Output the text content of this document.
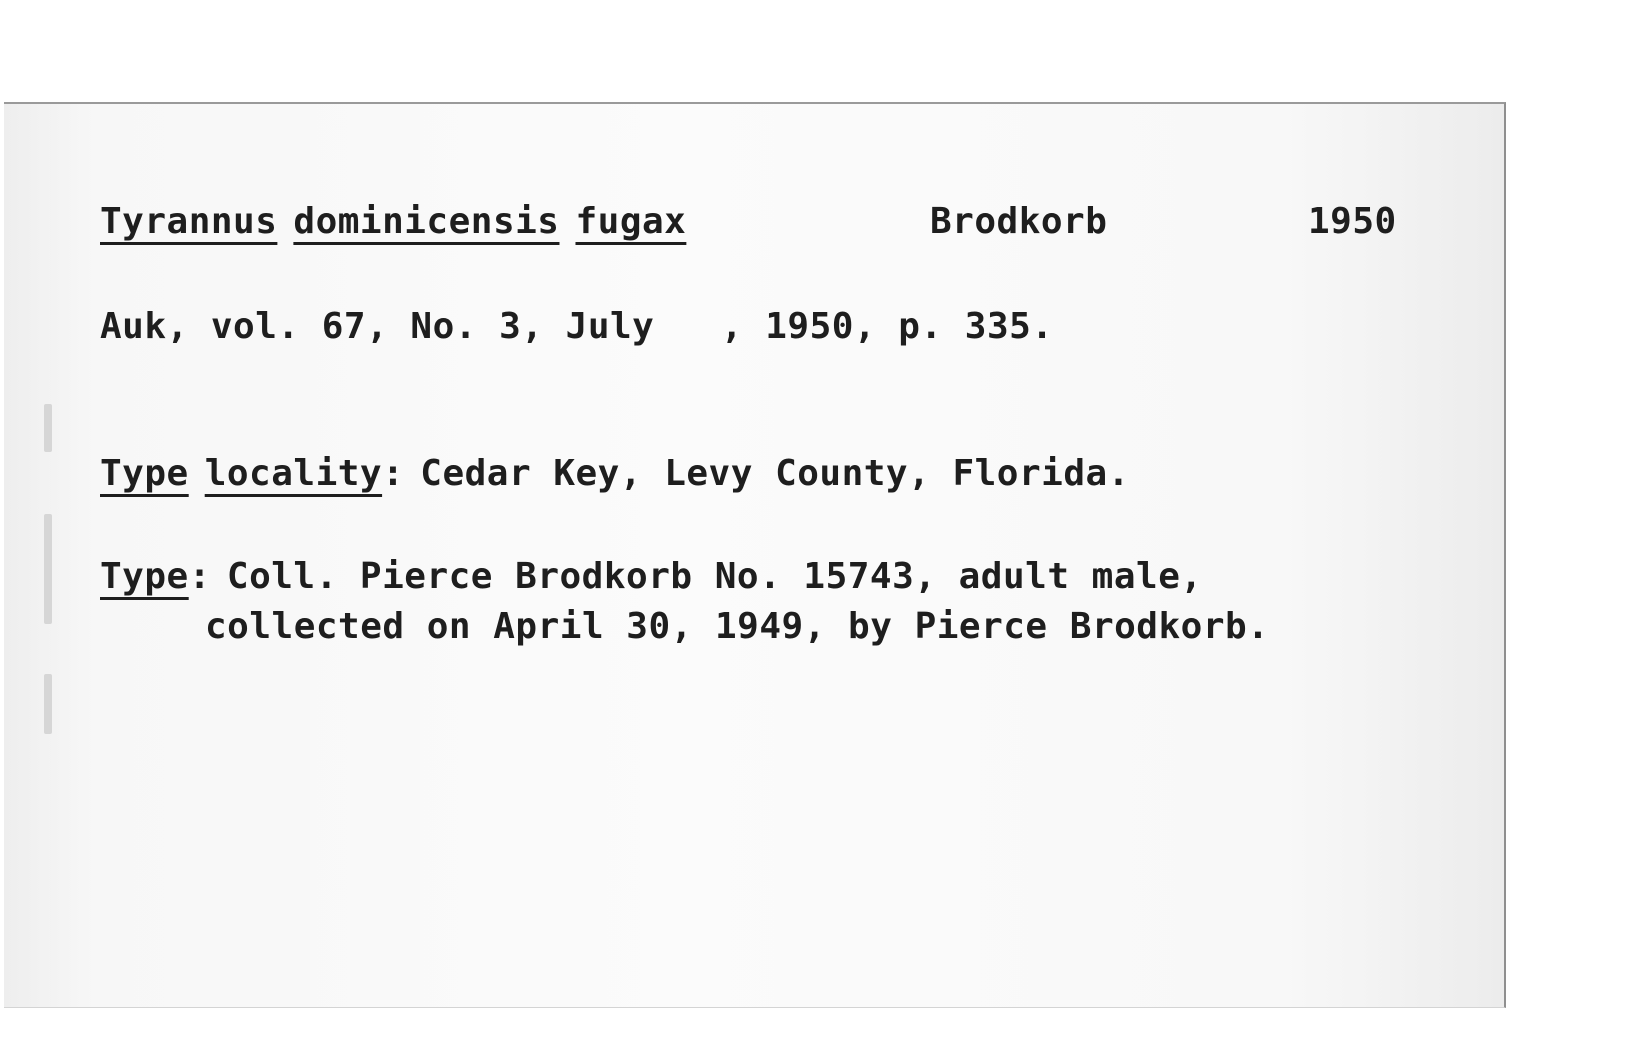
Tyrannus dominicensis fugax	Brodkorb	1950
Auk, vol. 67, No. 3, July   , 1950, p. 335.
Type locality: Cedar Key, Levy County, Florida.
Type: Coll. Pierce Brodkorb No. 15743, adult male,
collected on April 30, 1949, by Pierce Brodkorb.
